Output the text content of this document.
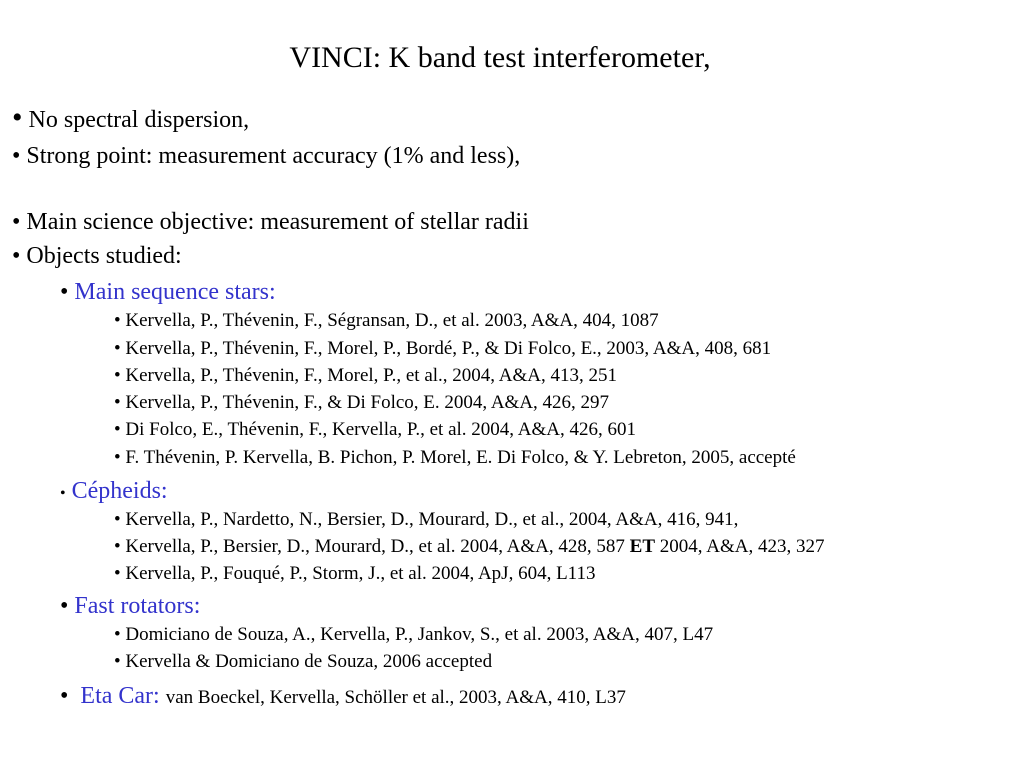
VINCI: K band test interferometer,
• No spectral dispersion,
• Strong point: measurement accuracy (1% and less),
• Main science objective: measurement of stellar radii
• Objects studied:
• Main sequence stars:
• Kervella, P., Thévenin, F., Ségransan, D., et al. 2003, A&A, 404, 1087
• Kervella, P., Thévenin, F., Morel, P., Bordé, P., & Di Folco, E., 2003, A&A, 408, 681
• Kervella, P., Thévenin, F., Morel, P., et al., 2004, A&A, 413, 251
• Kervella, P., Thévenin, F., & Di Folco, E. 2004, A&A, 426, 297
• Di Folco, E., Thévenin, F., Kervella, P., et al. 2004, A&A, 426, 601
• F. Thévenin, P. Kervella, B. Pichon, P. Morel, E. Di Folco, & Y. Lebreton, 2005, accepté
• Cépheids:
• Kervella, P., Nardetto, N., Bersier, D., Mourard, D., et al., 2004, A&A, 416, 941,
• Kervella, P., Bersier, D., Mourard, D., et al. 2004, A&A, 428, 587 ET 2004, A&A, 423, 327
• Kervella, P., Fouqué, P., Storm, J., et al. 2004, ApJ, 604, L113
• Fast rotators:
• Domiciano de Souza, A., Kervella, P., Jankov, S., et al. 2003, A&A, 407, L47
• Kervella & Domiciano de Souza, 2006 accepted
• Eta Car: van Boeckel, Kervella, Schöller et al., 2003, A&A, 410, L37
